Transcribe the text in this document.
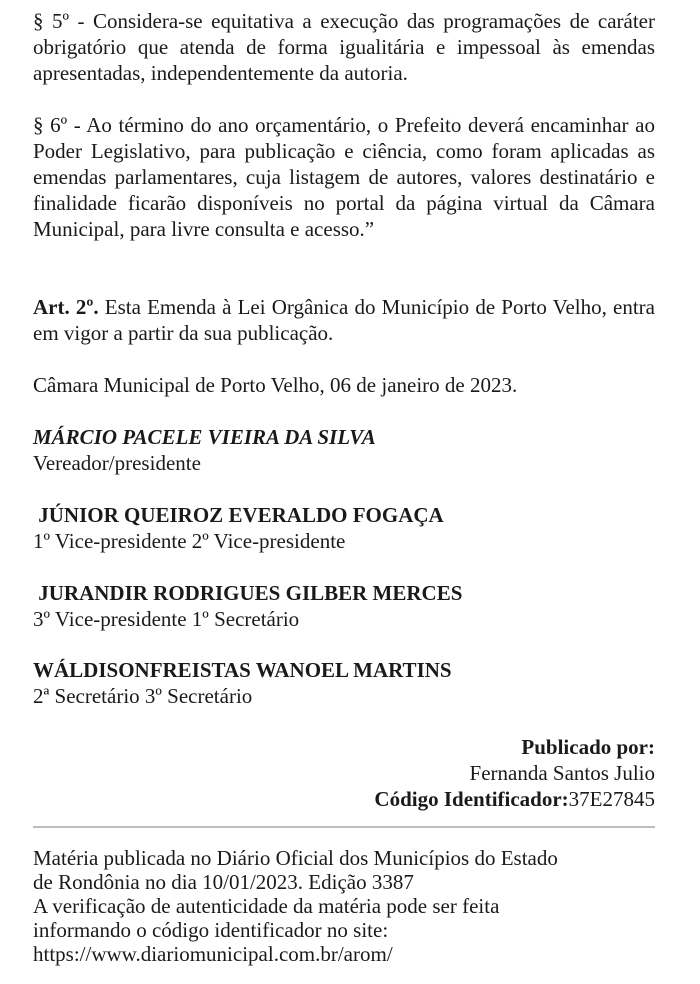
§ 5º - Considera-se equitativa a execução das programações de caráter obrigatório que atenda de forma igualitária e impessoal às emendas apresentadas, independentemente da autoria.

§ 6º - Ao término do ano orçamentário, o Prefeito deverá encaminhar ao Poder Legislativo, para publicação e ciência, como foram aplicadas as emendas parlamentares, cuja listagem de autores, valores destinatário e finalidade ficarão disponíveis no portal da página virtual da Câmara Municipal, para livre consulta e acesso.”

Art. 2º. Esta Emenda à Lei Orgânica do Município de Porto Velho, entra em vigor a partir da sua publicação.

Câmara Municipal de Porto Velho, 06 de janeiro de 2023.

MÁRCIO PACELE VIEIRA DA SILVA
Vereador/presidente
JÚNIOR QUEIROZ EVERALDO FOGAÇA
1º Vice-presidente 2º Vice-presidente
JURANDIR RODRIGUES GILBER MERCES
3º Vice-presidente 1º Secretário
WÁLDISONFREISTAS WANOEL MARTINS
2ª Secretário 3º Secretário
Publicado por:
Fernanda Santos Julio
Código Identificador:37E27845
Matéria publicada no Diário Oficial dos Municípios do Estado
de Rondônia no dia 10/01/2023. Edição 3387
A verificação de autenticidade da matéria pode ser feita
informando o código identificador no site:
https://www.diariomunicipal.com.br/arom/
